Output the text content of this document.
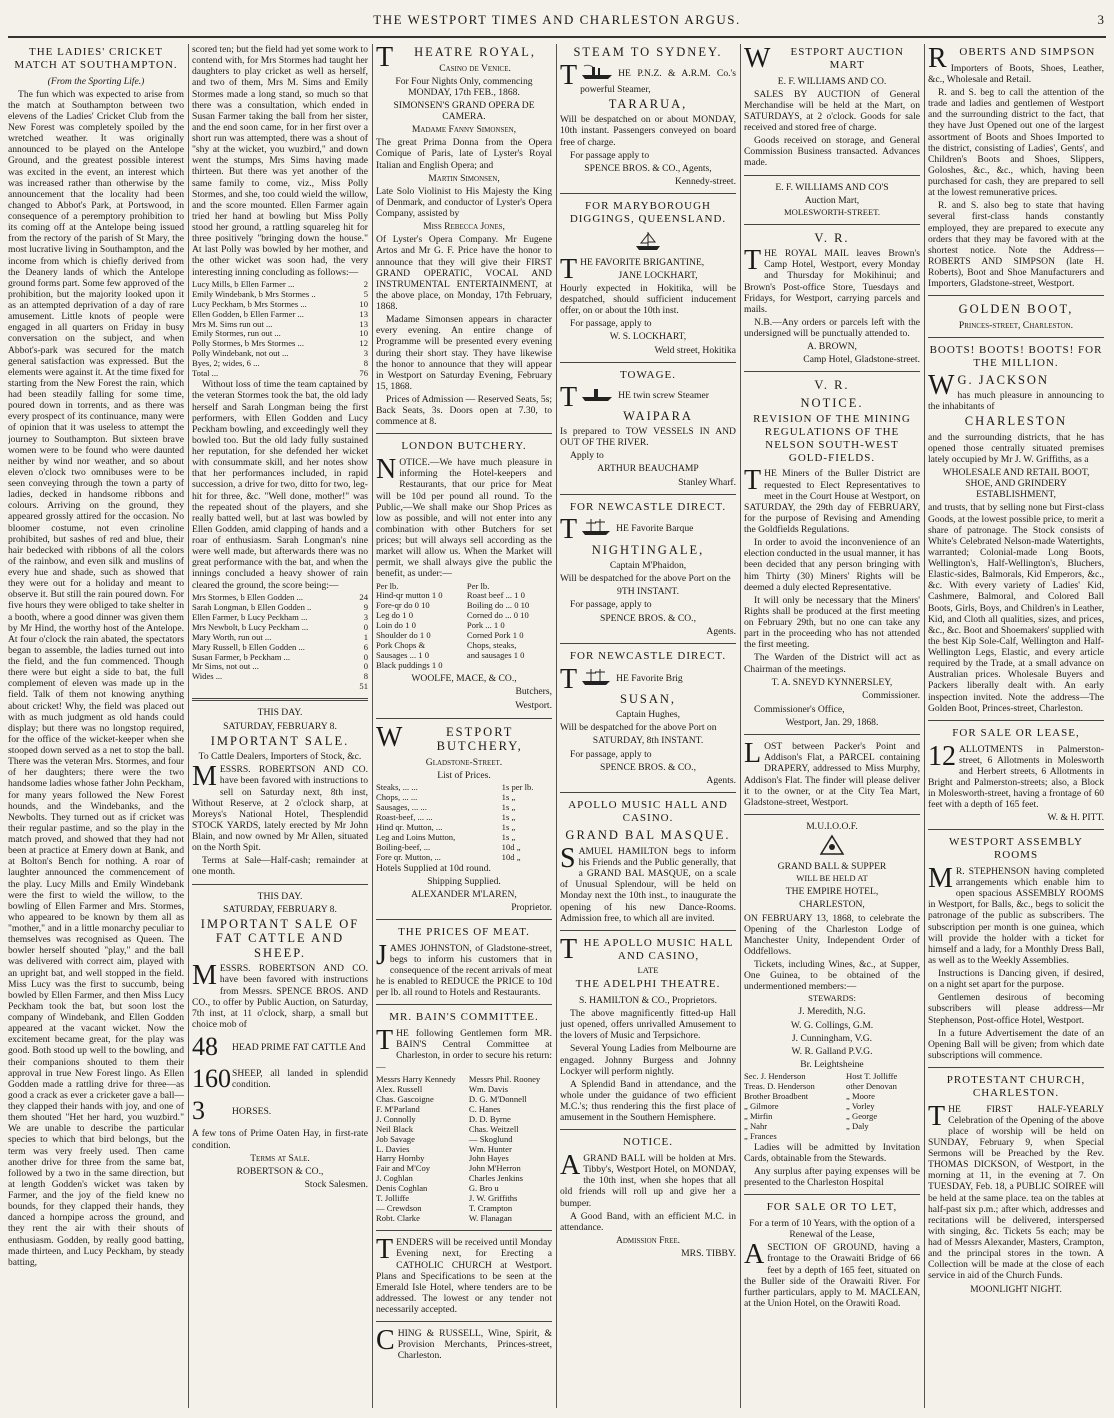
THE WESTPORT TIMES AND CHARLESTON ARGUS.	3
THE LADIES' CRICKET MATCH AT SOUTHAMPTON.

(From the Sporting Life.)

The fun which was expected to arise from the match at Southampton between two elevens of the Ladies' Cricket Club from the New Forest was completely spoiled by the wretched weather. It was originally announced to be played on the Antelope Ground, and the greatest possible interest was excited in the event, an interest which was increased rather than otherwise by the announcement that the locality had been changed to Abbot's Park, at Portswood, in consequence of a peremptory prohibition to its coming off at the Antelope being issued from the rectory of the parish of St Mary, the most lucrative living in Southampton, and the income from which is chiefly derived from the Deanery lands of which the Antelope ground forms part. Some few approved of the prohibition, but the majority looked upon it as an attempted deprivation of a day of rare amusement. Little knots of people were engaged in all quarters on Friday in busy conversation on the subject, and when Abbot's-park was secured for the match general satisfaction was expressed. But the elements were against it. At the time fixed for starting from the New Forest the rain, which had been steadily falling for some time, poured down in torrents, and as there was every prospect of its continuance, many were of opinion that it was useless to attempt the journey to Southampton. But sixteen brave women were to be found who were daunted neither by wind nor weather, and so about eleven o'clock two omnibuses were to be seen conveying through the town a party of ladies, decked in handsome ribbons and colours. Arriving on the ground, they appeared grossly attired for the occasion. No bloomer costume, not even crinoline prohibited, but sashes of red and blue, their hair bedecked with ribbons of all the colors of the rainbow, and even silk and muslins of every hue and shade, such as showed that they were out for a holiday and meant to observe it. But still the rain poured down. For five hours they were obliged to take shelter in a booth, where a good dinner was given them by Mr Hind, the worthy host of the Antelope. At four o'clock the rain abated, the spectators began to assemble, the ladies turned out into the field, and the fun commenced. Though there were but eight a side to bat, the full complement of eleven was made up in the field. Talk of them not knowing anything about cricket! Why, the field was placed out with as much judgment as old hands could display; but there was no longstop required, for the office of the wicket-keeper when she stooped down served as a net to stop the ball. There was the veteran Mrs. Stormes, and four of her daughters; there were the two handsome ladies whose father John Peckham, for many years followed the New Forest hounds, and the Windebanks, and the Newbolts. They turned out as if cricket was their regular pastime, and so the play in the match proved, and showed that they had not been at practice at Emery down at Bank, and at Bolton's Bench for nothing. A roar of laughter announced the commencement of the play. Lucy Mills and Emily Windebank were the first to wield the willow, to the bowling of Ellen Farmer and Mrs. Stormes, who appeared to be known by them all as "mother," and in a little monarchy peculiar to themselves was recognised as Queen. The bowler herself shouted "play," and the ball was delivered with correct aim, played with an upright bat, and well stopped in the field. Miss Lucy was the first to succumb, being bowled by Ellen Farmer, and then Miss Lucy Peckham took the bat, but soon lost the company of Windebank, and Ellen Godden appeared at the vacant wicket. Now the excitement became great, for the play was good. Both stood up well to the bowling, and their companions shouted to them their approval in true New Forest lingo. As Ellen Godden made a rattling drive for three—as good a crack as ever a cricketer gave a ball—they clapped their hands with joy, and one of them shouted "Het her hard, you wuzbird." We are unable to describe the particular species to which that bird belongs, but the term was very freely used. Then came another drive for three from the same bat, followed by a two in the same direction, but at length Godden's wicket was taken by Farmer, and the joy of the field knew no bounds, for they clapped their hands, they danced a hornpipe across the ground, and they rent the air with their shouts of enthusiasm. Godden, by really good batting, made thirteen, and Lucy Peckham, by steady batting,

scored ten; but the field had yet some work to contend with, for Mrs Stormes had taught her daughters to play cricket as well as herself, and two of them, Mrs M. Sims and Emily Stormes made a long stand, so much so that there was a consultation, which ended in Susan Farmer taking the ball from her sister, and the end soon came, for in her first over a short run was attempted, there was a shout of "shy at the wicket, you wuzbird," and down went the stumps, Mrs Sims having made thirteen. But there was yet another of the same family to come, viz., Miss Polly Stormes, and she, too could wield the willow, and the score mounted. Ellen Farmer again tried her hand at bowling but Miss Polly stood her ground, a rattling squareleg hit for three positively "bringing down the house." At last Polly was bowled by her mother, and the other wicket was soon had, the very interesting inning concluding as follows:—

Lucy Mills, b Ellen Farmer ...	2
Emily Windebank, b Mrs Stormes ..	5
Lucy Peckham, b Mrs Stormes ...	10
Ellen Godden, b Ellen Farmer ...	13
Mrs M. Sims run out ...	13
Emily Stormes, run out ...	10
Polly Stormes, b Mrs Stormes ...	12
Polly Windebank, not out ...	3
Byes, 2; wides, 6 ...	8
Total ...	76

Without loss of time the team captained by the veteran Stormes took the bat, the old lady herself and Sarah Longman being the first performers, with Ellen Godden and Lucy Peckham bowling, and exceedingly well they bowled too. But the old lady fully sustained her reputation, for she defended her wicket with consummate skill, and her notes show that her performances included, in rapid succession, a drive for two, ditto for two, leg-hit for three, &c. "Well done, mother!" was the repeated shout of the players, and she really batted well, but at last was bowled by Ellen Godden, amid clapping of hands and a roar of enthusiasm. Sarah Longman's nine were well made, but afterwards there was no great performance with the bat, and when the innings concluded a heavy shower of rain cleared the ground, the score being:—

Mrs Stormes, b Ellen Godden ...	24
Sarah Longman, b Ellen Godden ..	9
Ellen Farmer, b Lucy Peckham ...	3
Mrs Newbolt, b Lucy Peckham ...	0
Mary Worth, run out ...	1
Mary Russell, b Ellen Godden ...	6
Susan Farmer, b Peckham ...	0
Mr Sims, not out ...	0
Wides ...	8
	51
THIS DAY.
SATURDAY, FEBRUARY 8.
IMPORTANT SALE.

To Cattle Dealers, Importers of Stock, &c.

MESSRS. ROBERTSON AND CO. have been favored with instructions to sell on Saturday next, 8th inst, Without Reserve, at 2 o'clock sharp, at Moreys's National Hotel, Thesplendid STOCK YARDS, lately erected by Mr John Blain, and now owned by Mr Allen, situated on the North Spit.

Terms at Sale—Half-cash; remainder at one month.

THIS DAY.
SATURDAY, FEBRUARY 8.
IMPORTANT SALE OF FAT CATTLE AND SHEEP.

MESSRS. ROBERTSON AND CO. have been favored with instructions from Messrs. SPENCE BROS. AND CO., to offer by Public Auction, on Saturday, 7th inst, at 11 o'clock, sharp, a small but choice mob of

48	HEAD PRIME FAT CATTLE And
160 SHEEP, all landed in splendid condition.
3	HORSES.

A few tons of Prime Oaten Hay, in first-rate condition.

Terms at Sale.

ROBERTSON & CO.,

Stock Salesmen.

T HEATRE ROYAL,

Casino de Venice.

For Four Nights Only, commencing MONDAY, 17th FEB., 1868.

SIMONSEN'S GRAND OPERA DE CAMERA.

Madame Fanny Simonsen,

The great Prima Donna from the Opera Comique of Paris, late of Lyster's Royal Italian and English Opera; and

Martin Simonsen,

Late Solo Violinist to His Majesty the King of Denmark, and conductor of Lyster's Opera Company, assisted by

Miss Rebecca Jones,

Of Lyster's Opera Company. Mr Eugene Artos and Mr G. F. Price have the honor to announce that they will give their FIRST GRAND OPERATIC, VOCAL AND INSTRUMENTAL ENTERTAINMENT, at the above place, on Monday, 17th February, 1868.

Madame Simonsen appears in character every evening. An entire change of Programme will be presented every evening during their short stay. They have likewise the honor to announce that they will appear in Westport on Saturday Evening, February 15, 1868.

Prices of Admission — Reserved Seats, 5s; Back Seats, 3s. Doors open at 7.30, to commence at 8.

LONDON BUTCHERY.

NOTICE.—We have much pleasure in informing the Hotel-keepers and Restaurants, that our price for Meat will be 10d per pound all round. To the Public,—We shall make our Shop Prices as low as possible, and will not enter into any combination with other Butchers for set prices; but will always sell according as the market will allow us. When the Market will permit, we shall always give the public the benefit, as under:—

Per lb.	Per lb.
Hind-qr mutton 1 0	Roast beef ... 1 0
Fore-qr do 0 10	Boiling do ... 0 10
Leg do 1 0	Corned do ... 0 10
Loin do 1 0	Pork ... 1 0
Shoulder do 1 0	Corned Pork 1 0
Pork Chops &	Chops, steaks,
Sausages ... 1 0	and sausages 1 0
Black puddings 1 0	

WOOLFE, MACE, & CO.,

Butchers,

Westport.

W	ESTPORT BUTCHERY,

Gladstone-Street.

List of Prices.

Steaks, ... ...	1s per lb.
Chops, ... ...	1s „
Sausages, ... ...	1s „
Roast-beef, ... ...	1s „
Hind qr. Mutton, ...	1s „
Leg and Loins Mutton,	1s „
Boiling-beef, ...	10d „
Fore qr. Mutton, ...	10d „

Hotels Supplied at 10d round.

Shipping Supplied.

ALEXANDER M'LAREN,

Proprietor.

THE PRICES OF MEAT.

JAMES JOHNSTON, of Gladstone-street, begs to inform his customers that in consequence of the recent arrivals of meat he is enabled to REDUCE the PRICE to 10d per lb. all round to Hotels and Restaurants.

MR. BAIN'S COMMITTEE.

THE following Gentlemen form MR. BAIN'S Central Committee at Charleston, in order to secure his return:—

Messrs Harry Kennedy	Messrs Phil. Rooney
Alex. Russell	Wm. Davis
Chas. Gascoigne	D. G. M'Donnell
F. M'Parland	C. Hanes
J. Connolly	D. D. Byrne
Neil Black	Chas. Weitzell
Job Savage	— Skoglund
L. Davies	Wm. Hunter
Harry Hornby	John Hayes
Fair and M'Coy	John M'Herron
J. Coghlan	Charles Jenkins
Denis Coghlan	G. Bro u
T. Jolliffe	J. W. Griffiths
— Crewdson	T. Crampton
Robt. Clarke	W. Flanagan

TENDERS will be received until Monday Evening next, for Erecting a CATHOLIC CHURCH at Westport. Plans and Specifications to be seen at the Emerald Isle Hotel, where tenders are to be addressed. The lowest or any tender not necessarily accepted.

CHING & RUSSELL, Wine, Spirit, & Provision Merchants, Princes-street, Charleston.

STEAM TO SYDNEY.

T	HE P.N.Z. & A.R.M. Co.'s powerful Steamer,

TARARUA,

Will be despatched on or about MONDAY, 10th instant. Passengers conveyed on board free of charge.

For passage apply to

SPENCE BROS. & CO., Agents,

Kennedy-street.

FOR MARYBOROUGH DIGGINGS, QUEENSLAND.

THE FAVORITE BRIGANTINE,

JANE LOCKHART,

Hourly expected in Hokitika, will be despatched, should sufficient inducement offer, on or about the 10th inst.

For passage, apply to

W. S. LOCKHART,

Weld street, Hokitika

TOWAGE.

T	HE twin screw Steamer

WAIPARA

Is prepared to TOW VESSELS IN AND OUT OF THE RIVER.

Apply to

ARTHUR BEAUCHAMP

Stanley Wharf.

FOR NEWCASTLE DIRECT.

T	HE Favorite Barque

NIGHTINGALE,

Captain M'Phaidon,

Will be despatched for the above Port on the

9TH INSTANT.

For passage, apply to

SPENCE BROS. & CO.,

Agents.

FOR NEWCASTLE DIRECT.

T	HE Favorite Brig

SUSAN,

Captain Hughes,

Will be despatched for the above Port on

SATURDAY, 8th INSTANT.

For passage, apply to

SPENCE BROS. & CO.,

Agents.

APOLLO MUSIC HALL AND CASINO.
GRAND BAL MASQUE.

SAMUEL HAMILTON begs to inform his Friends and the Public generally, that a GRAND BAL MASQUE, on a scale of Unusual Splendour, will be held on Monday next the 10th inst., to inaugurate the opening of his new Dance-Rooms. Admission free, to which all are invited.

THE APOLLO MUSIC HALL AND CASINO,

LATE

THE ADELPHI THEATRE.

S. HAMILTON & CO., Proprietors.

The above magnificently fitted-up Hall just opened, offers unrivalled Amusement to the lovers of Music and Terpsichore.

Several Young Ladies from Melbourne are engaged. Johnny Burgess and Johnny Lockyer will perform nightly.

A Splendid Band in attendance, and the whole under the guidance of two efficient M.C.'s; thus rendering this the first place of amusement in the Southern Hemisphere.

NOTICE.

AGRAND BALL will be holden at Mrs. Tibby's, Westport Hotel, on MONDAY, the 10th inst, when she hopes that all old friends will roll up and give her a bumper.

A Good Band, with an efficient M.C. in attendance.

Admission Free.

MRS. TIBBY.

W ESTPORT AUCTION MART
E. F. WILLIAMS AND CO.

SALES BY AUCTION of General Merchandise will be held at the Mart, on SATURDAYS, at 2 o'clock. Goods for sale received and stored free of charge.

Goods received on storage, and General Commission Business transacted. Advances made.

E. F. WILLIAMS AND CO'S
Auction Mart,
MOLESWORTH-STREET.
V. R.

THE ROYAL MAIL leaves Brown's Camp Hotel, Westport, every Monday and Thursday for Mokihinui; and Brown's Post-office Store, Tuesdays and Fridays, for Westport, carrying parcels and mails.

N.B.—Any orders or parcels left with the undersigned will be punctually attended to.

A. BROWN,

Camp Hotel, Gladstone-street.

V. R.
NOTICE.
REVISION OF THE MINING REGULATIONS OF THE NELSON SOUTH-WEST GOLD-FIELDS.

THE Miners of the Buller District are requested to Elect Representatives to meet in the Court House at Westport, on SATURDAY, the 29th day of FEBRUARY, for the purpose of Revising and Amending the Goldfields Regulations.

In order to avoid the inconvenience of an election conducted in the usual manner, it has been decided that any person bringing with him Thirty (30) Miners' Rights will be deemed a duly elected Representative.

It will only be necessary that the Miners' Rights shall be produced at the first meeting on February 29th, but no one can take any part in the proceeding who has not attended the first meeting.

The Warden of the District will act as Chairman of the meetings.

T. A. SNEYD KYNNERSLEY,

Commissioner.

Commissioner's Office,

Westport, Jan. 29, 1868.

LOST between Packer's Point and Addison's Flat, a PARCEL containing DRAPERY, addressed to Miss Murphy, Addison's Flat. The finder will please deliver it to the owner, or at the City Tea Mart, Gladstone-street, Westport.

M.U.I.O.O.F.

GRAND BALL & SUPPER

WILL BE HELD AT

THE EMPIRE HOTEL,

CHARLESTON,

ON FEBRUARY 13, 1868, to celebrate the Opening of the Charleston Lodge of Manchester Unity, Independent Order of Oddfellows.

Tickets, including Wines, &c., at Supper, One Guinea, to be obtained of the undermentioned members:—

STEWARDS:

J. Meredith, N.G.

W. G. Collings, G.M.

J. Cunningham, V.G.

W. R. Galland P.V.G.

Br. Leightsheine

Sec. J. Henderson	Host T. Jolliffe
Treas. D. Henderson	other Denovan
Brother Broadbent	„ Moore
„ Gilmore	„ Vorley
„ Mirfin	„ George
„ Nahr	„ Daly
„ Frances	

Ladies will be admitted by Invitation Cards, obtainable from the Stewards.

Any surplus after paying expenses will be presented to the Charleston Hospital

FOR SALE OR TO LET,

For a term of 10 Years, with the option of a Renewal of the Lease,

ASECTION OF GROUND, having a frontage to the Orawaiti Bridge of 66 feet by a depth of 165 feet, situated on the Buller side of the Orawaiti River. For further particulars, apply to M. MACLEAN, at the Union Hotel, on the Orawiti Road.

R OBERTS AND SIMPSON

Importers of Boots, Shoes, Leather, &c., Wholesale and Retail.

R. and S. beg to call the attention of the trade and ladies and gentlemen of Westport and the surrounding district to the fact, that they have Just Opened out one of the largest assortment of Boots and Shoes Imported to the district, consisting of Ladies', Gents', and Children's Boots and Shoes, Slippers, Goloshes, &c., &c., which, having been purchased for cash, they are prepared to sell at the lowest remunerative prices.

R. and S. also beg to state that having several first-class hands constantly employed, they are prepared to execute any orders that they may be favored with at the shortest notice. Note the Address—ROBERTS AND SIMPSON (late H. Roberts), Boot and Shoe Manufacturers and Importers, Gladstone-street, Westport.

GOLDEN BOOT,

Princes-street, Charleston.

BOOTS! BOOTS! BOOTS! FOR THE MILLION.

W G. JACKSON

has much pleasure in announcing to the inhabitants of

CHARLESTON

and the surrounding districts, that he has opened those centrally situated premises lately occupied by Mr J. W. Griffiths, as a

WHOLESALE AND RETAIL BOOT, SHOE, AND GRINDERY ESTABLISHMENT,

and trusts, that by selling none but First-class Goods, at the lowest possible price, to merit a share of patronage. The Stock consists of White's Celebrated Nelson-made Watertights, warranted; Colonial-made Long Boots, Wellington's, Half-Wellington's, Bluchers, Elastic-sides, Balmorals, Kid Emperors, &c., &c. With every variety of Ladies' Kid, Cashmere, Balmoral, and Colored Ball Boots, Girls, Boys, and Children's in Leather, Kid, and Cloth all qualities, sizes, and prices, &c., &c. Boot and Shoemakers' supplied with the best Kip Sole-Calf, Wellington and Half-Wellington Legs, Elastic, and every article required by the Trade, at a small advance on Australian prices. Wholesale Buyers and Packers liberally dealt with. An early inspection invited. Note the address—The Golden Boot, Princes-street, Charleston.

FOR SALE OR LEASE,

12 ALLOTMENTS in Palmerston-street, 6 Allotments in Molesworth and Herbert streets, 6 Allotments in Bright and Palmerston-streets; also, a Block in Molesworth-street, having a frontage of 60 feet with a depth of 165 feet.

W. & H. PITT.

WESTPORT ASSEMBLY ROOMS

M R. STEPHENSON having completed arrangements which enable him to open spacious ASSEMBLY ROOMS in Westport, for Balls, &c., begs to solicit the patronage of the public as subscribers. The subscription per month is one guinea, which will provide the holder with a ticket for himself and a lady, for a Monthly Dress Ball, as well as to the Weekly Assemblies.

Instructions is Dancing given, if desired, on a night set apart for the purpose.

Gentlemen desirous of becoming subscribers will please address—Mr Stephenson, Post-office Hotel, Westport.

In a future Advertisement the date of an Opening Ball will be given; from which date subscriptions will commence.

PROTESTANT CHURCH, CHARLESTON.

THE FIRST HALF-YEARLY Celebration of the Opening of the above place of worship will be held on SUNDAY, February 9, when Special Sermons will be Preached by the Rev. THOMAS DICKSON, of Westport, in the morning at 11, in the evening at 7. On TUESDAY, Feb. 18, a PUBLIC SOIREE will be held at the same place. tea on the tables at half-past six p.m.; after which, addresses and recitations will be delivered, interspersed with singing, &c. Tickets 5s each; may be had of Messrs Alexander, Masters, Crampton, and the principal stores in the town. A Collection will be made at the close of each service in aid of the Church Funds.

MOONLIGHT NIGHT.
